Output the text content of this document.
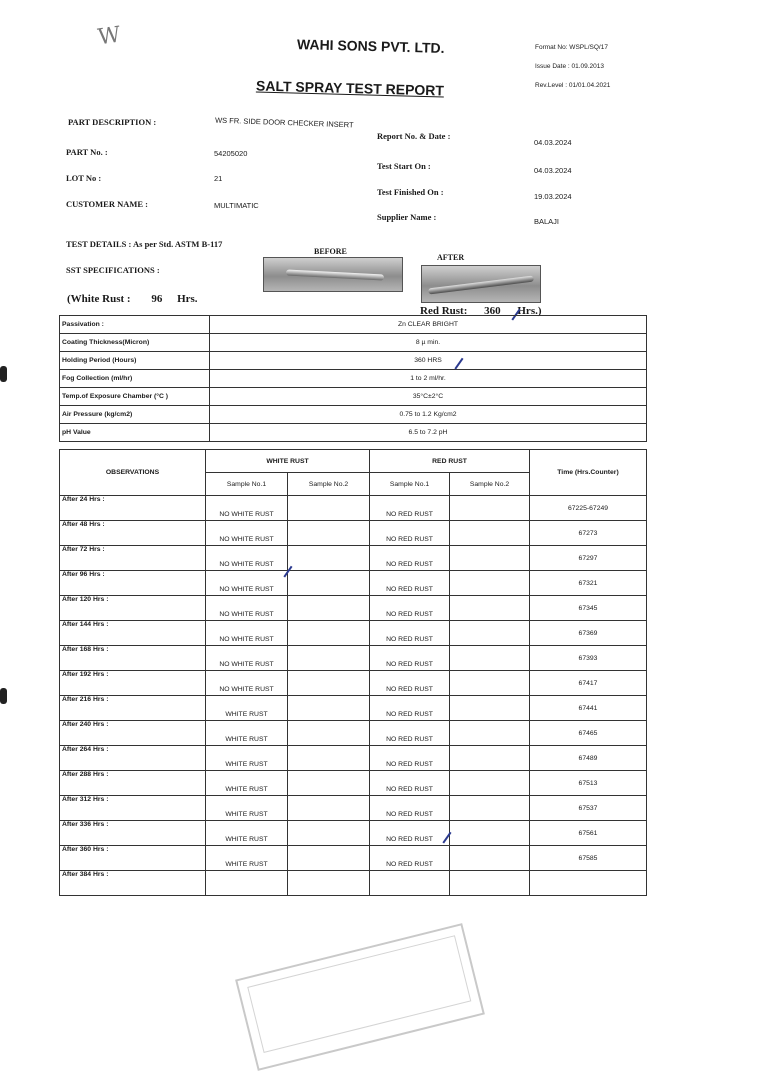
W	WAHI SONS PVT. LTD.
SALT SPRAY TEST REPORT
Format No: WSPL/SQ/17
Issue Date : 01.09.2013
Rev.Level : 01/01.04.2021
PART DESCRIPTION :	WS FR. SIDE DOOR CHECKER INSERT
PART No. :	54205020
LOT No :	21
CUSTOMER NAME :	MULTIMATIC
Report No. & Date :
04.03.2024
Test Start On :	04.03.2024
Test Finished On :	19.03.2024
Supplier Name :	BALAJI
TEST DETAILS : As per Std. ASTM B-117
SST SPECIFICATIONS :
BEFORE
AFTER
(White Rust : 96 Hrs.
Red Rust: 360 Hrs.)
Passivation :	Zn CLEAR BRIGHT
Coating Thickness(Micron)	8 µ min.
Holding Period (Hours)	360 HRS
Fog Collection (ml/hr)	1 to 2 ml/hr.
Temp.of Exposure Chamber (°C )	35°C±2°C
Air Pressure (kg/cm2)	0.75 to 1.2 Kg/cm2
pH Value	6.5 to 7.2 pH
OBSERVATIONS	WHITE RUST		RED RUST		Time (Hrs.Counter)
	Sample No.1	Sample No.2	Sample No.1	Sample No.2	
After 24 Hrs :	NO WHITE RUST		NO RED RUST		67225-67249
After 48 Hrs :	NO WHITE RUST		NO RED RUST		67273
After 72 Hrs :	NO WHITE RUST		NO RED RUST		67297
After 96 Hrs :	NO WHITE RUST		NO RED RUST		67321
After 120 Hrs :	NO WHITE RUST		NO RED RUST		67345
After 144 Hrs :	NO WHITE RUST		NO RED RUST		67369
After 168 Hrs :	NO WHITE RUST		NO RED RUST		67393
After 192 Hrs :	NO WHITE RUST		NO RED RUST		67417
After 216 Hrs :	WHITE RUST		NO RED RUST		67441
After 240 Hrs :	WHITE RUST		NO RED RUST		67465
After 264 Hrs :	WHITE RUST		NO RED RUST		67489
After 288 Hrs :	WHITE RUST		NO RED RUST		67513
After 312 Hrs :	WHITE RUST		NO RED RUST		67537
After 336 Hrs :	WHITE RUST		NO RED RUST		67561
After 360 Hrs :	WHITE RUST		NO RED RUST		67585
After 384 Hrs :					
